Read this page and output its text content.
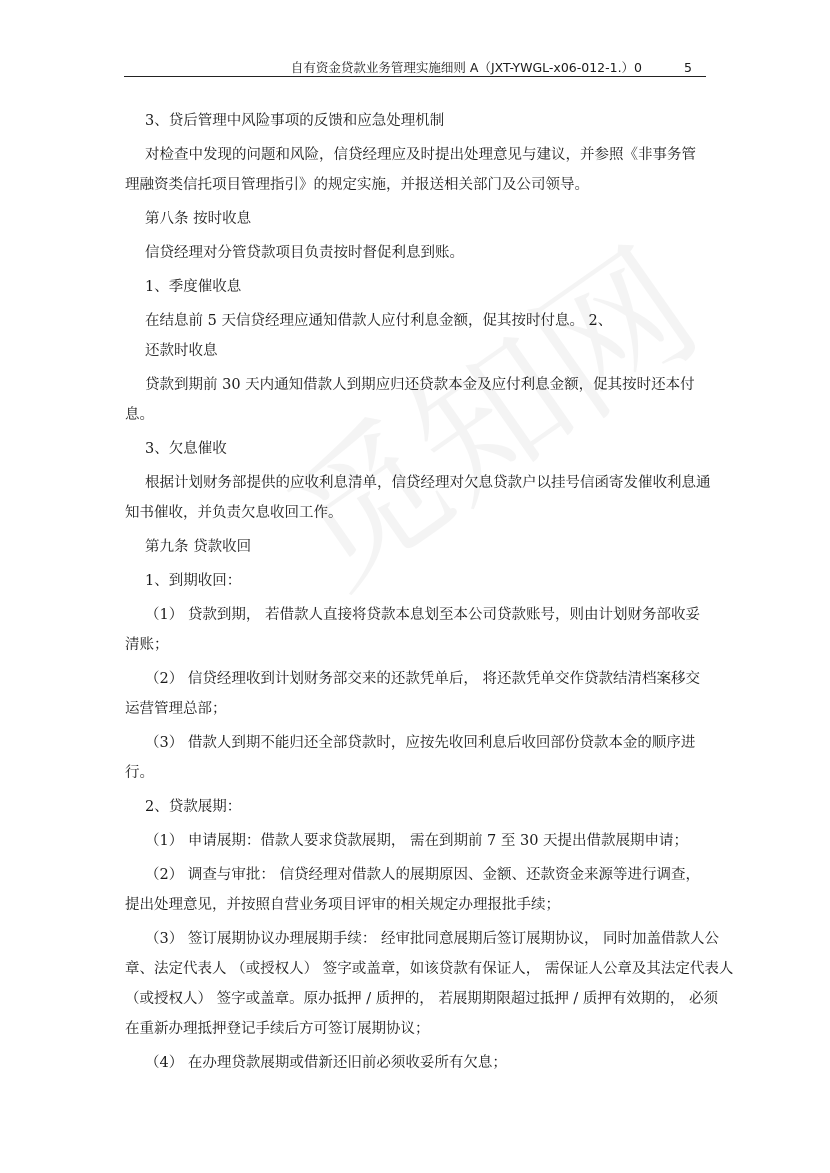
自有资金贷款业务管理实施细则 A（JXT-YWGL-x06-012-1.）0	5

3、贷后管理中风险事项的反馈和应急处理机制

对检查中发现的问题和风险，信贷经理应及时提出处理意见与建议，并参照《非事务管

理融资类信托项目管理指引》的规定实施，并报送相关部门及公司领导。

第八条 按时收息

信贷经理对分管贷款项目负责按时督促利息到账。

1、季度催收息

在结息前 5 天信贷经理应通知借款人应付利息金额，促其按时付息。 2、

还款时收息

贷款到期前 30 天内通知借款人到期应归还贷款本金及应付利息金额，促其按时还本付

息。

3、欠息催收

根据计划财务部提供的应收利息清单，信贷经理对欠息贷款户以挂号信函寄发催收利息通

知书催收，并负责欠息收回工作。

第九条 贷款收回

1、到期收回：

（1） 贷款到期， 若借款人直接将贷款本息划至本公司贷款账号，则由计划财务部收妥

清账；

（2） 信贷经理收到计划财务部交来的还款凭单后， 将还款凭单交作贷款结清档案移交

运营管理总部；

（3） 借款人到期不能归还全部贷款时，应按先收回利息后收回部份贷款本金的顺序进

行。

2、贷款展期：

（1） 申请展期：借款人要求贷款展期， 需在到期前 7 至 30 天提出借款展期申请；

（2） 调查与审批： 信贷经理对借款人的展期原因、金额、还款资金来源等进行调查，

提出处理意见，并按照自营业务项目评审的相关规定办理报批手续；

（3） 签订展期协议办理展期手续： 经审批同意展期后签订展期协议， 同时加盖借款人公

章、法定代表人 （或授权人） 签字或盖章，如该贷款有保证人， 需保证人公章及其法定代表人

（或授权人） 签字或盖章。原办抵押 / 质押的， 若展期期限超过抵押 / 质押有效期的， 必须

在重新办理抵押登记手续后方可签订展期协议；

（4） 在办理贷款展期或借新还旧前必须收妥所有欠息；
